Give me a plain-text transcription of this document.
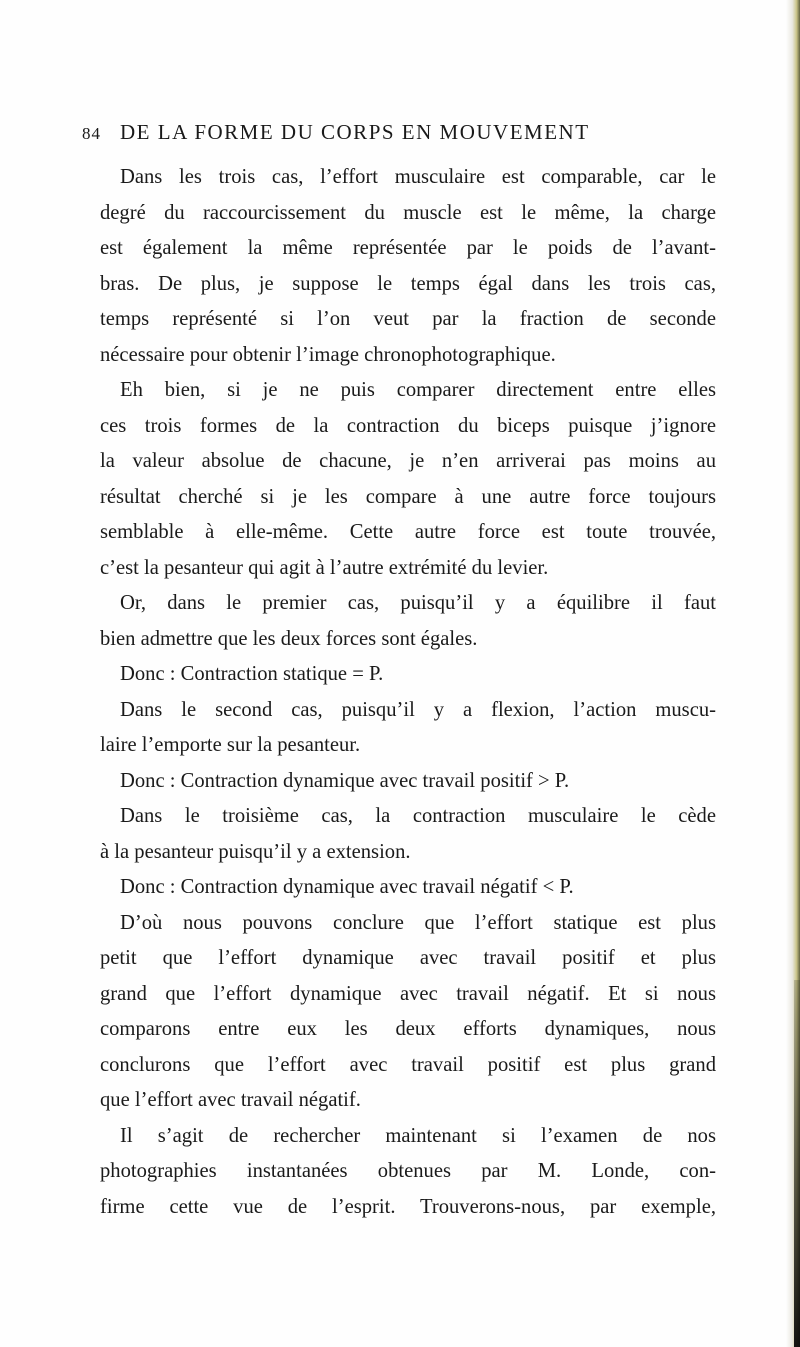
84 DE LA FORME DU CORPS EN MOUVEMENT
Dans les trois cas, l’effort musculaire est comparable, car le
degré du raccourcissement du muscle est le même, la charge
est également la même représentée par le poids de l’avant-
bras. De plus, je suppose le temps égal dans les trois cas,
temps représenté si l’on veut par la fraction de seconde
nécessaire pour obtenir l’image chronophotographique.
Eh bien, si je ne puis comparer directement entre elles
ces trois formes de la contraction du biceps puisque j’ignore
la valeur absolue de chacune, je n’en arriverai pas moins au
résultat cherché si je les compare à une autre force toujours
semblable à elle-même. Cette autre force est toute trouvée,
c’est la pesanteur qui agit à l’autre extrémité du levier.
Or, dans le premier cas, puisqu’il y a équilibre il faut
bien admettre que les deux forces sont égales.
Donc : Contraction statique = P.
Dans le second cas, puisqu’il y a flexion, l’action muscu-
laire l’emporte sur la pesanteur.
Donc : Contraction dynamique avec travail positif > P.
Dans le troisième cas, la contraction musculaire le cède
à la pesanteur puisqu’il y a extension.
Donc : Contraction dynamique avec travail négatif < P.
D’où nous pouvons conclure que l’effort statique est plus
petit que l’effort dynamique avec travail positif et plus
grand que l’effort dynamique avec travail négatif. Et si nous
comparons entre eux les deux efforts dynamiques, nous
conclurons que l’effort avec travail positif est plus grand
que l’effort avec travail négatif.
Il s’agit de rechercher maintenant si l’examen de nos
photographies instantanées obtenues par M. Londe, con-
firme cette vue de l’esprit. Trouverons-nous, par exemple,
